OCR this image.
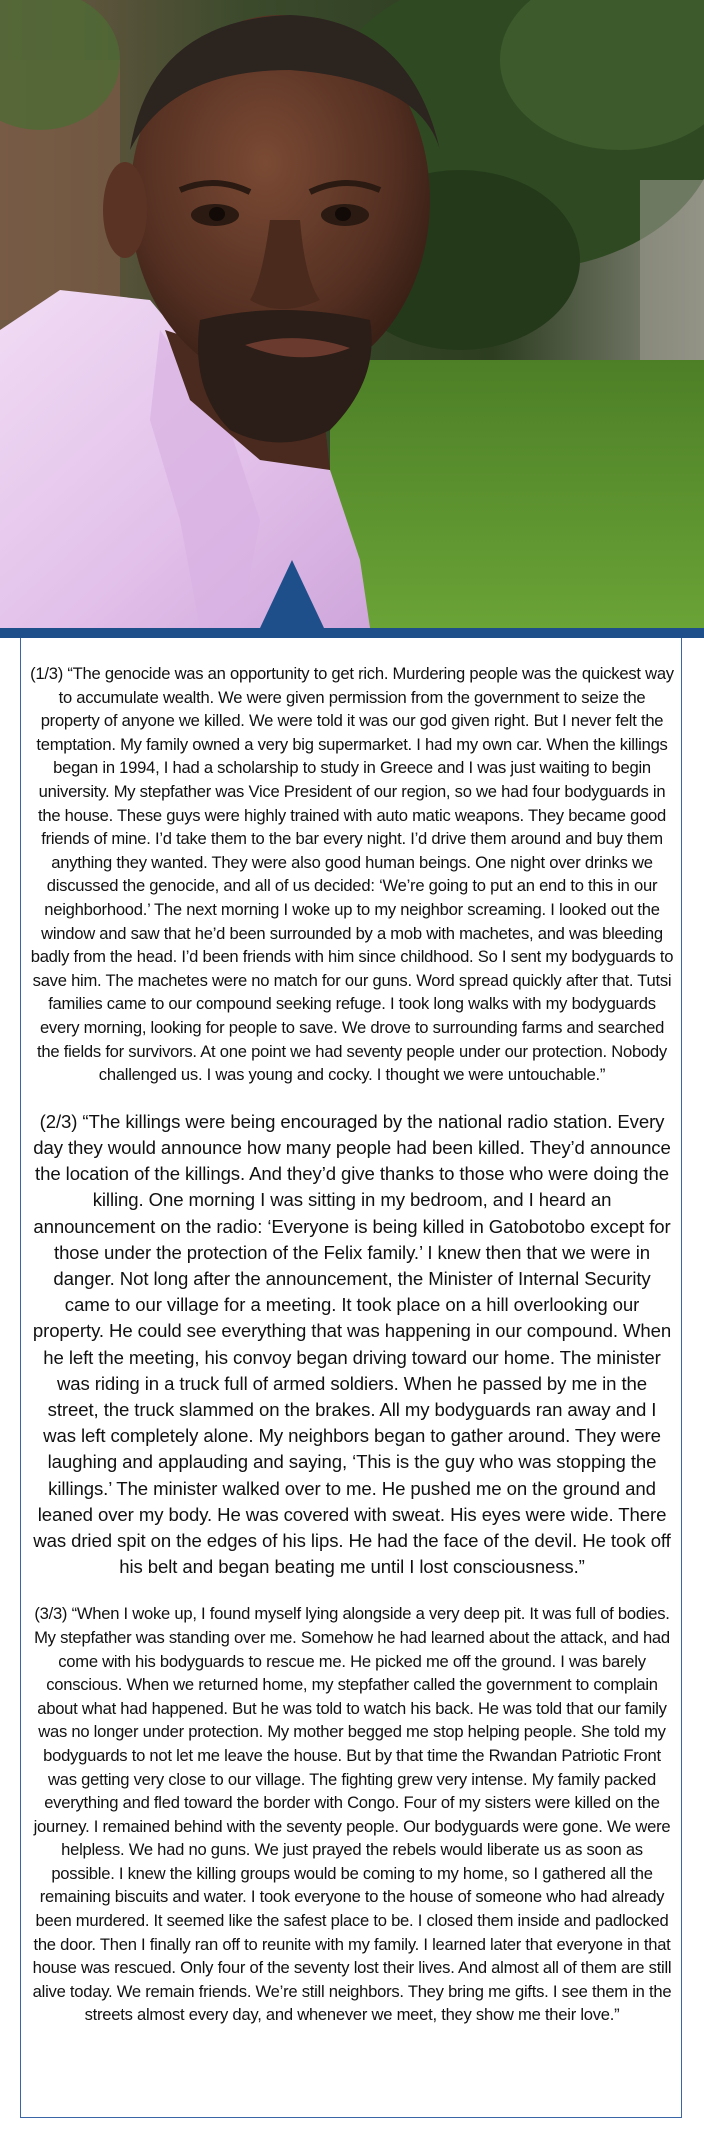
(1/3) “The genocide was an opportunity to get rich. Murdering people was the quickest way to accumulate wealth. We were given permission from the government to seize the property of anyone we killed. We were told it was our god given right. But I never felt the temptation. My family owned a very big supermarket. I had my own car. When the killings began in 1994, I had a scholarship to study in Greece and I was just waiting to begin university. My stepfather was Vice President of our region, so we had four bodyguards in the house. These guys were highly trained with auto matic weapons. They became good friends of mine. I’d take them to the bar every night. I’d drive them around and buy them anything they wanted. They were also good human beings. One night over drinks we discussed the genocide, and all of us decided: ‘We’re going to put an end to this in our neighborhood.’ The next morning I woke up to my neighbor screaming. I looked out the window and saw that he’d been surrounded by a mob with machetes, and was bleeding badly from the head. I’d been friends with him since childhood. So I sent my bodyguards to save him. The machetes were no match for our guns. Word spread quickly after that. Tutsi families came to our compound seeking refuge. I took long walks with my bodyguards every morning, looking for people to save. We drove to surrounding farms and searched the fields for survivors. At one point we had seventy people under our protection. Nobody challenged us. I was young and cocky. I thought we were untouchable.”

(2/3) “The killings were being encouraged by the national radio station. Every day they would announce how many people had been killed. They’d announce the location of the killings. And they’d give thanks to those who were doing the killing. One morning I was sitting in my bedroom, and I heard an announcement on the radio: ‘Everyone is being killed in Gatobotobo except for those under the protection of the Felix family.’ I knew then that we were in danger. Not long after the announcement, the Minister of Internal Security came to our village for a meeting. It took place on a hill overlooking our property. He could see everything that was happening in our compound. When he left the meeting, his convoy began driving toward our home. The minister was riding in a truck full of armed soldiers. When he passed by me in the street, the truck slammed on the brakes. All my bodyguards ran away and I was left completely alone. My neighbors began to gather around. They were laughing and applauding and saying, ‘This is the guy who was stopping the killings.’ The minister walked over to me. He pushed me on the ground and leaned over my body. He was covered with sweat. His eyes were wide. There was dried spit on the edges of his lips. He had the face of the devil. He took off his belt and began beating me until I lost consciousness.”

(3/3) “When I woke up, I found myself lying alongside a very deep pit. It was full of bodies. My stepfather was standing over me. Somehow he had learned about the attack, and had come with his bodyguards to rescue me. He picked me off the ground. I was barely conscious. When we returned home, my stepfather called the government to complain about what had happened. But he was told to watch his back. He was told that our family was no longer under protection. My mother begged me stop helping people. She told my bodyguards to not let me leave the house. But by that time the Rwandan Patriotic Front was getting very close to our village. The fighting grew very intense. My family packed everything and fled toward the border with Congo. Four of my sisters were killed on the journey. I remained behind with the seventy people. Our bodyguards were gone. We were helpless. We had no guns. We just prayed the rebels would liberate us as soon as possible. I knew the killing groups would be coming to my home, so I gathered all the remaining biscuits and water. I took everyone to the house of someone who had already been murdered. It seemed like the safest place to be. I closed them inside and padlocked the door. Then I finally ran off to reunite with my family. I learned later that everyone in that house was rescued. Only four of the seventy lost their lives. And almost all of them are still alive today. We remain friends. We’re still neighbors. They bring me gifts. I see them in the streets almost every day, and whenever we meet, they show me their love.”
